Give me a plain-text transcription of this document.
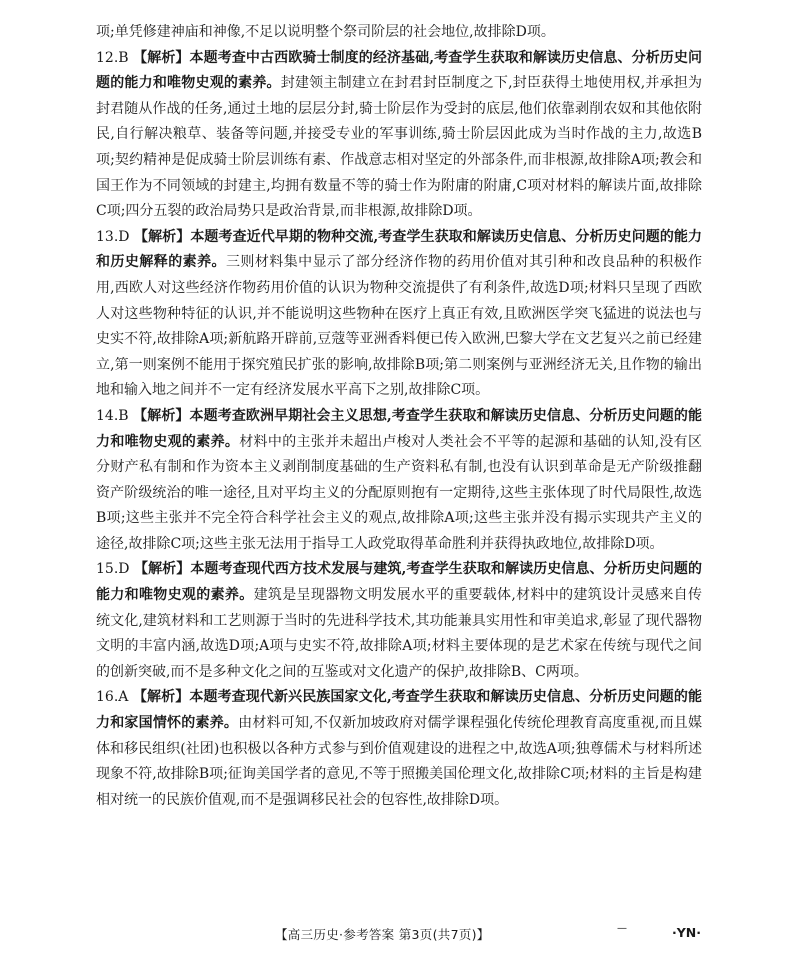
项;单凭修建神庙和神像,不足以说明整个祭司阶层的社会地位,故排除D项。

12.B 【解析】本题考查中古西欧骑士制度的经济基础,考查学生获取和解读历史信息、分析历史问题的能力和唯物史观的素养。封建领主制建立在封君封臣制度之下,封臣获得土地使用权,并承担为封君随从作战的任务,通过土地的层层分封,骑士阶层作为受封的底层,他们依靠剥削农奴和其他依附民,自行解决粮草、装备等问题,并接受专业的军事训练,骑士阶层因此成为当时作战的主力,故选B项;契约精神是促成骑士阶层训练有素、作战意志相对坚定的外部条件,而非根源,故排除A项;教会和国王作为不同领域的封建主,均拥有数量不等的骑士作为附庸的附庸,C项对材料的解读片面,故排除C项;四分五裂的政治局势只是政治背景,而非根源,故排除D项。

13.D 【解析】本题考查近代早期的物种交流,考查学生获取和解读历史信息、分析历史问题的能力和历史解释的素养。三则材料集中显示了部分经济作物的药用价值对其引种和改良品种的积极作用,西欧人对这些经济作物药用价值的认识为物种交流提供了有利条件,故选D项;材料只呈现了西欧人对这些物种特征的认识,并不能说明这些物种在医疗上真正有效,且欧洲医学突飞猛进的说法也与史实不符,故排除A项;新航路开辟前,豆蔻等亚洲香料便已传入欧洲,巴黎大学在文艺复兴之前已经建立,第一则案例不能用于探究殖民扩张的影响,故排除B项;第二则案例与亚洲经济无关,且作物的输出地和输入地之间并不一定有经济发展水平高下之别,故排除C项。

14.B 【解析】本题考查欧洲早期社会主义思想,考查学生获取和解读历史信息、分析历史问题的能力和唯物史观的素养。材料中的主张并未超出卢梭对人类社会不平等的起源和基础的认知,没有区分财产私有制和作为资本主义剥削制度基础的生产资料私有制,也没有认识到革命是无产阶级推翻资产阶级统治的唯一途径,且对平均主义的分配原则抱有一定期待,这些主张体现了时代局限性,故选B项;这些主张并不完全符合科学社会主义的观点,故排除A项;这些主张并没有揭示实现共产主义的途径,故排除C项;这些主张无法用于指导工人政党取得革命胜利并获得执政地位,故排除D项。

15.D 【解析】本题考查现代西方技术发展与建筑,考查学生获取和解读历史信息、分析历史问题的能力和唯物史观的素养。建筑是呈现器物文明发展水平的重要载体,材料中的建筑设计灵感来自传统文化,建筑材料和工艺则源于当时的先进科学技术,其功能兼具实用性和审美追求,彰显了现代器物文明的丰富内涵,故选D项;A项与史实不符,故排除A项;材料主要体现的是艺术家在传统与现代之间的创新突破,而不是多种文化之间的互鉴或对文化遗产的保护,故排除B、C两项。

16.A 【解析】本题考查现代新兴民族国家文化,考查学生获取和解读历史信息、分析历史问题的能力和家国情怀的素养。由材料可知,不仅新加坡政府对儒学课程强化传统伦理教育高度重视,而且媒体和移民组织(社团)也积极以各种方式参与到价值观建设的进程之中,故选A项;独尊儒术与材料所述现象不符,故排除B项;征询美国学者的意见,不等于照搬美国伦理文化,故排除C项;材料的主旨是构建相对统一的民族价值观,而不是强调移民社会的包容性,故排除D项。

【高三历史·参考答案 第3页(共7页)】	—	·YN·
